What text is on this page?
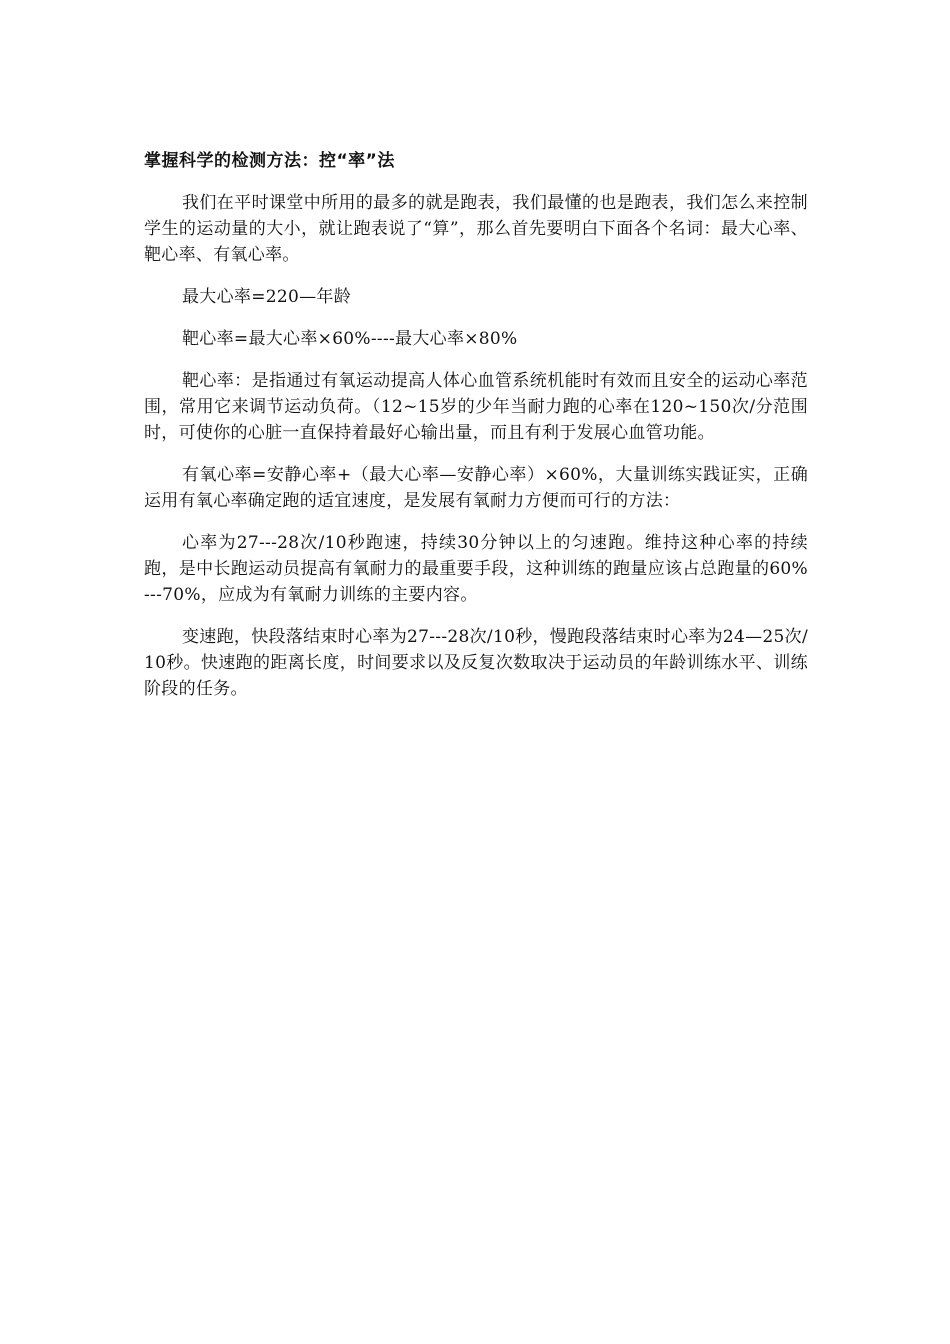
掌握科学的检测方法：控“率”法

我们在平时课堂中所用的最多的就是跑表，我们最懂的也是跑表，我们怎么来控制学生的运动量的大小，就让跑表说了“算”，那么首先要明白下面各个名词：最大心率、靶心率、有氧心率。

最大心率=220—年龄

靶心率=最大心率×60%----最大心率×80%

靶心率：是指通过有氧运动提高人体心血管系统机能时有效而且安全的运动心率范围，常用它来调节运动负荷。（12~15岁的少年当耐力跑的心率在120~150次/分范围时，可使你的心脏一直保持着最好心输出量，而且有利于发展心血管功能。

有氧心率=安静心率+（最大心率—安静心率）×60%，大量训练实践证实，正确运用有氧心率确定跑的适宜速度，是发展有氧耐力方便而可行的方法：

心率为27---28次/10秒跑速，持续30分钟以上的匀速跑。维持这种心率的持续跑，是中长跑运动员提高有氧耐力的最重要手段，这种训练的跑量应该占总跑量的60%---70%，应成为有氧耐力训练的主要内容。

变速跑，快段落结束时心率为27---28次/10秒，慢跑段落结束时心率为24—25次/10秒。快速跑的距离长度，时间要求以及反复次数取决于运动员的年龄训练水平、训练阶段的任务。
